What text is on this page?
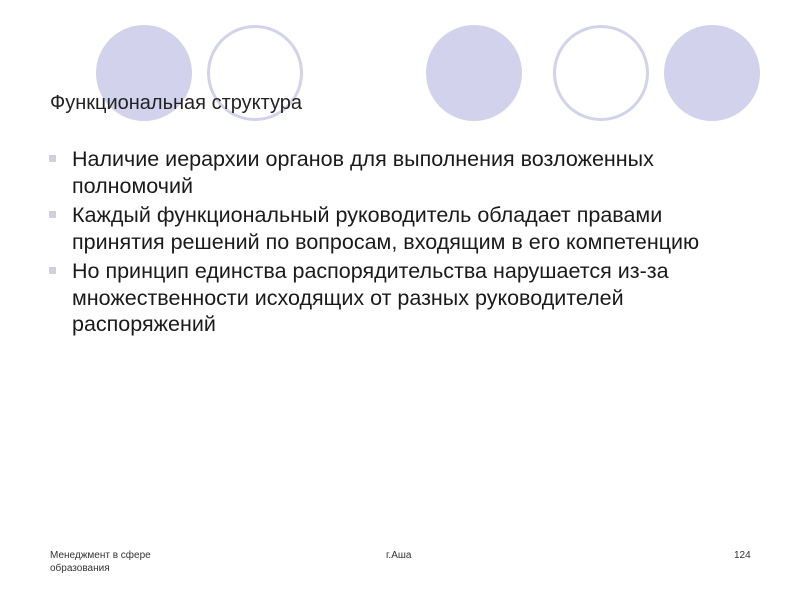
Функциональная структура
Наличие иерархии органов для выполнения возложенных полномочий
Каждый функциональный руководитель обладает правами принятия решений по вопросам, входящим в его компетенцию
Но принцип единства распорядительства нарушается из-за множественности исходящих от разных руководителей распоряжений
Менеджмент в сфере образования
г.Аша	124
